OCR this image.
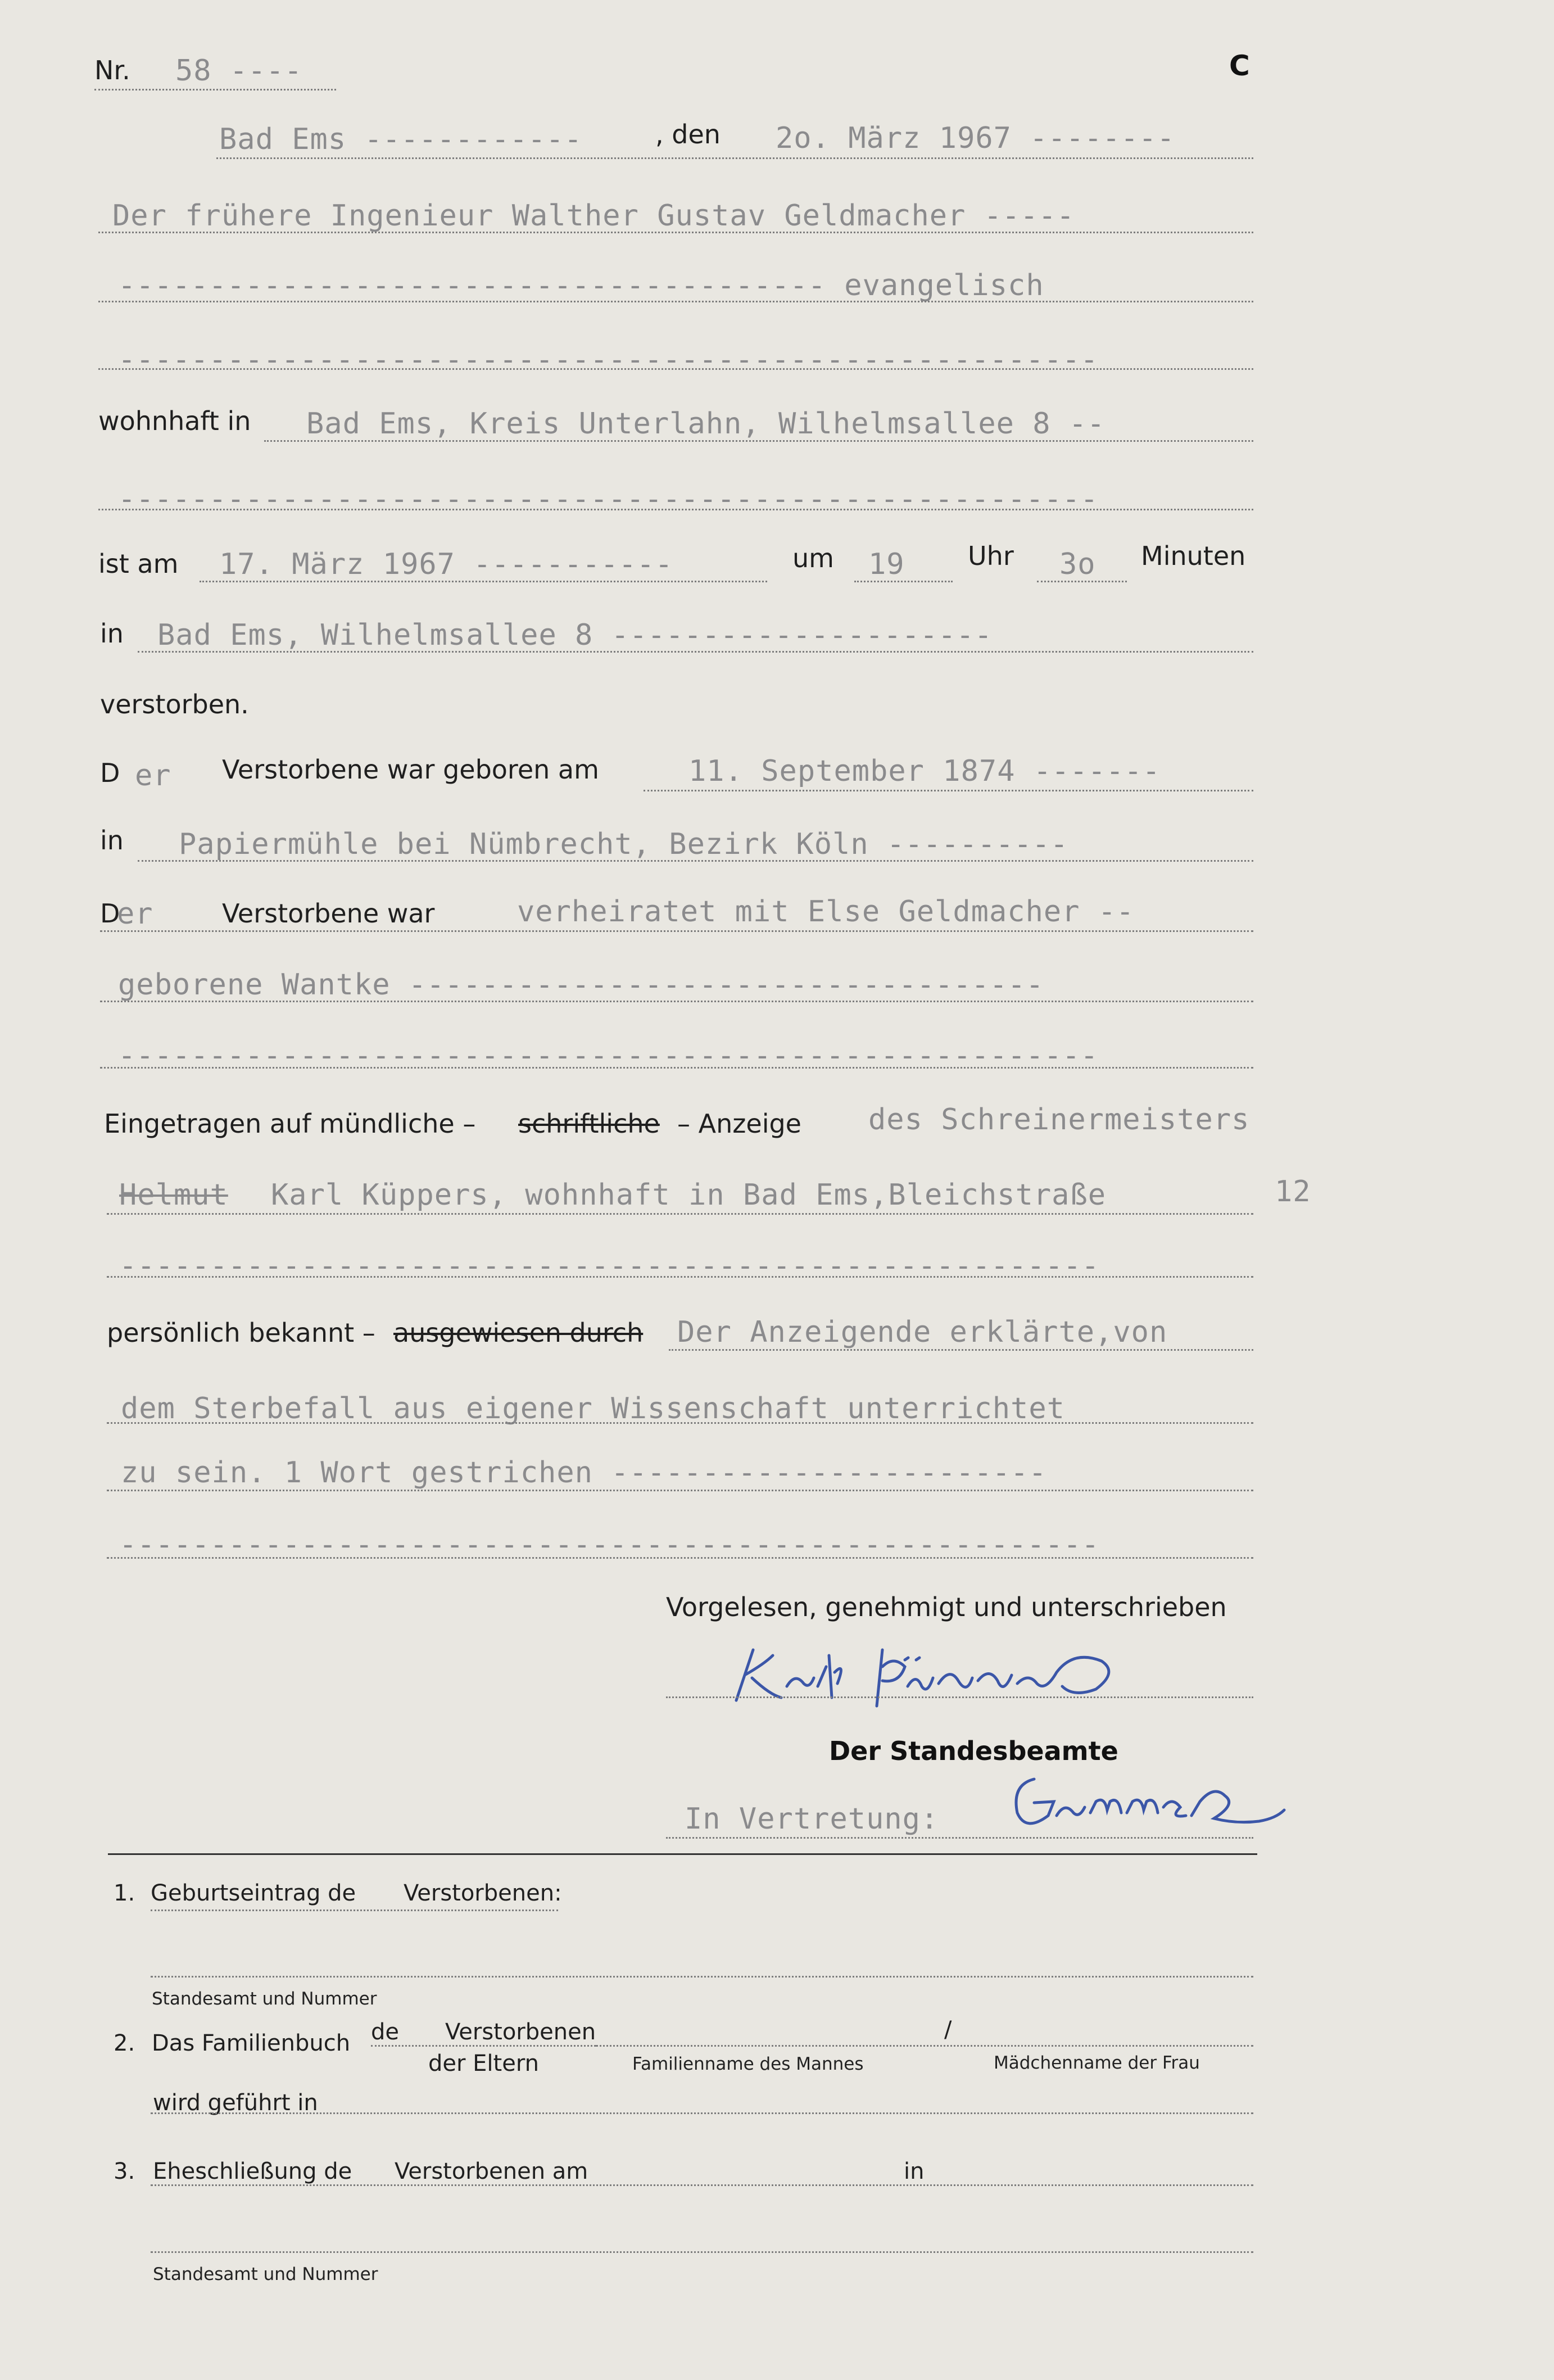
Nr. 58 ----	C
Bad Ems ------------	, den 2o. März 1967 --------
Der frühere Ingenieur Walther Gustav Geldmacher -----
--------------------------------------- evangelisch
------------------------------------------------------
wohnhaft in Bad Ems, Kreis Unterlahn, Wilhelmsallee 8 --
------------------------------------------------------
ist am 17. März 1967 -----------	um 19 Uhr 3o Minuten
in Bad Ems, Wilhelmsallee 8 ---------------------
verstorben.
D er Verstorbene war geboren am	11. September 1874 -------
in Papiermühle bei Nümbrecht, Bezirk Köln ----------
D
er	Verstorbene war	verheiratet mit Else Geldmacher --
geborene Wantke -----------------------------------
------------------------------------------------------
Eingetragen auf mündliche – schriftliche – Anzeige des Schreinermeisters
Helmut Karl Küppers, wohnhaft in Bad Ems,Bleichstraße	12
------------------------------------------------------
persönlich bekannt – ausgewiesen durch Der Anzeigende erklärte,von
dem Sterbefall aus eigener Wissenschaft unterrichtet
zu sein. 1 Wort gestrichen ------------------------
------------------------------------------------------
Vorgelesen, genehmigt und unterschrieben
Der Standesbeamte
In Vertretung:
1. Geburtseintrag de Verstorbenen:
Standesamt und Nummer
2. Das Familienbuch de Verstorbenen	/
der Eltern	Familienname des Mannes	Mädchenname der Frau
wird geführt in
3. Eheschließung de Verstorbenen am	in
Standesamt und Nummer
